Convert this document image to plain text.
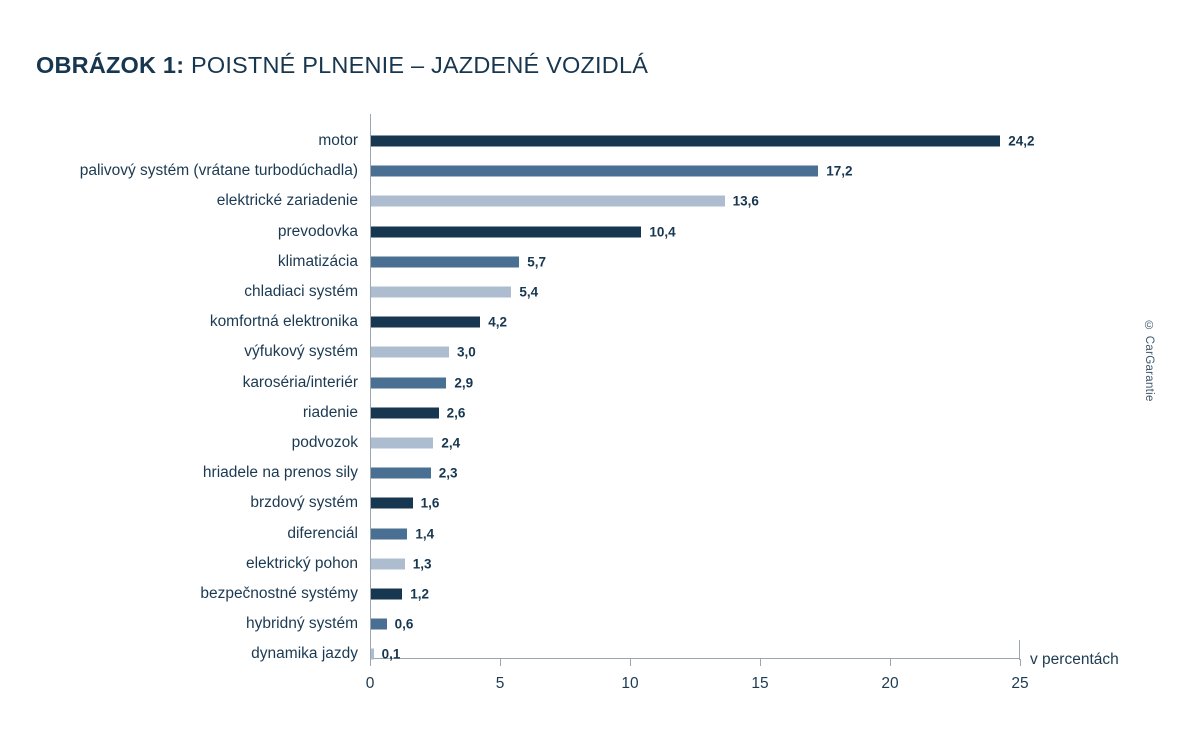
OBRÁZOK 1: POISTNÉ PLNENIE – JAZDENÉ VOZIDLÁ
0	5	10	15	20	25
motor	24,2
palivový systém (vrátane turbodúchadla)	17,2
elektrické zariadenie	13,6
prevodovka	10,4
klimatizácia	5,7
chladiaci systém	5,4
komfortná elektronika	4,2
výfukový systém	3,0
karoséria/interiér	2,9
riadenie	2,6
podvozok	2,4
hriadele na prenos sily	2,3
brzdový systém	1,6
diferenciál	1,4
elektrický pohon	1,3
bezpečnostné systémy	1,2
hybridný systém	0,6
dynamika jazdy 0,1	v percentách
© CarGarantie
